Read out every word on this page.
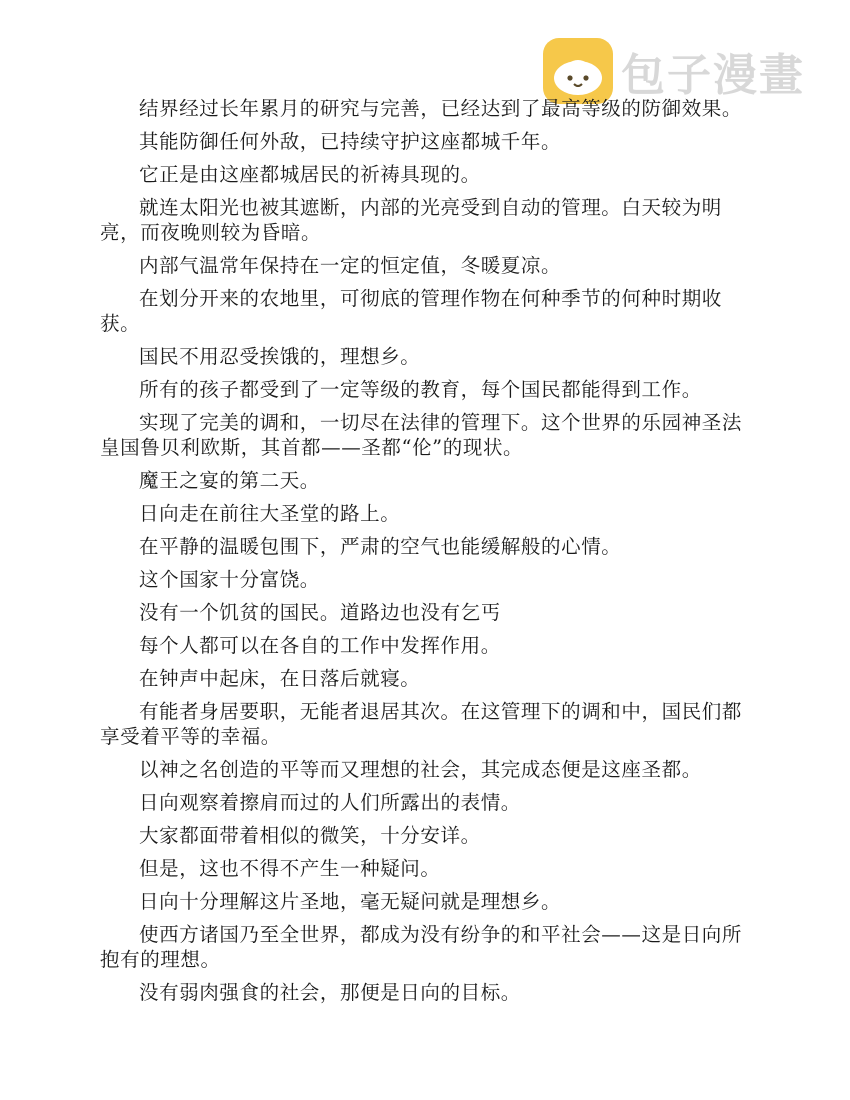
包子漫畫

结界经过长年累月的研究与完善，已经达到了最高等级的防御效果。

其能防御任何外敌，已持续守护这座都城千年。

它正是由这座都城居民的祈祷具现的。

就连太阳光也被其遮断，内部的光亮受到自动的管理。白天较为明亮，而夜晚则较为昏暗。

内部气温常年保持在一定的恒定值，冬暖夏凉。

在划分开来的农地里，可彻底的管理作物在何种季节的何种时期收获。

国民不用忍受挨饿的，理想乡。

所有的孩子都受到了一定等级的教育，每个国民都能得到工作。

实现了完美的调和，一切尽在法律的管理下。这个世界的乐园神圣法皇国鲁贝利欧斯，其首都——圣都“伦”的现状。

魔王之宴的第二天。

日向走在前往大圣堂的路上。

在平静的温暖包围下，严肃的空气也能缓解般的心情。

这个国家十分富饶。

没有一个饥贫的国民。道路边也没有乞丐

每个人都可以在各自的工作中发挥作用。

在钟声中起床，在日落后就寝。

有能者身居要职，无能者退居其次。在这管理下的调和中，国民们都享受着平等的幸福。

以神之名创造的平等而又理想的社会，其完成态便是这座圣都。

日向观察着擦肩而过的人们所露出的表情。

大家都面带着相似的微笑，十分安详。

但是，这也不得不产生一种疑问。

日向十分理解这片圣地，毫无疑问就是理想乡。

使西方诸国乃至全世界，都成为没有纷争的和平社会——这是日向所抱有的理想。

没有弱肉强食的社会，那便是日向的目标。
